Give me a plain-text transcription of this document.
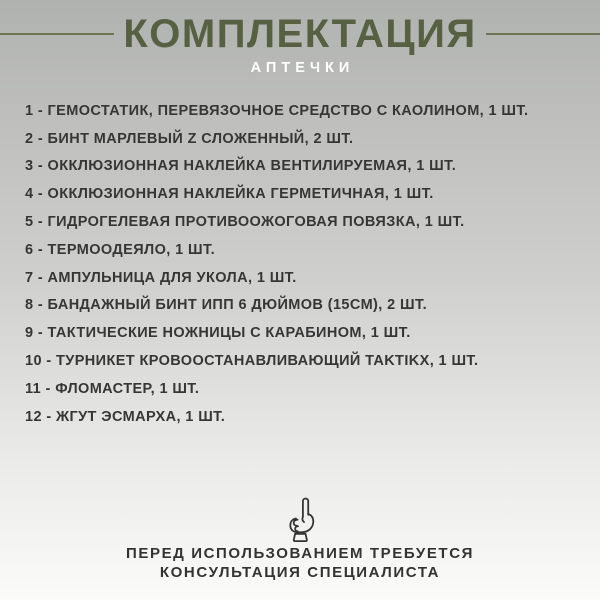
КОМПЛЕКТАЦИЯ
АПТЕЧКИ
1 - ГЕМОСТАТИК, ПЕРЕВЯЗОЧНОЕ СРЕДСТВО С КАОЛИНОМ, 1 ШТ.
2 - БИНТ МАРЛЕВЫЙ Z СЛОЖЕННЫЙ, 2 ШТ.
3 - ОККЛЮЗИОННАЯ НАКЛЕЙКА ВЕНТИЛИРУЕМАЯ, 1 ШТ.
4 - ОККЛЮЗИОННАЯ НАКЛЕЙКА ГЕРМЕТИЧНАЯ, 1 ШТ.
5 - ГИДРОГЕЛЕВАЯ ПРОТИВООЖОГОВАЯ ПОВЯЗКА, 1 ШТ.
6 - ТЕРМООДЕЯЛО, 1 ШТ.
7 - АМПУЛЬНИЦА ДЛЯ УКОЛА, 1 ШТ.
8 - БАНДАЖНЫЙ БИНТ ИПП 6 ДЮЙМОВ (15СМ), 2 ШТ.
9 - ТАКТИЧЕСКИЕ НОЖНИЦЫ С КАРАБИНОМ, 1 ШТ.
10 - ТУРНИКЕТ КРОВООСТАНАВЛИВАЮЩИЙ TAKTIKX, 1 ШТ.
11 - ФЛОМАСТЕР, 1 ШТ.
12 - ЖГУТ ЭСМАРХА, 1 ШТ.
ПЕРЕД ИСПОЛЬЗОВАНИЕМ ТРЕБУЕТСЯ
КОНСУЛЬТАЦИЯ СПЕЦИАЛИСТА
